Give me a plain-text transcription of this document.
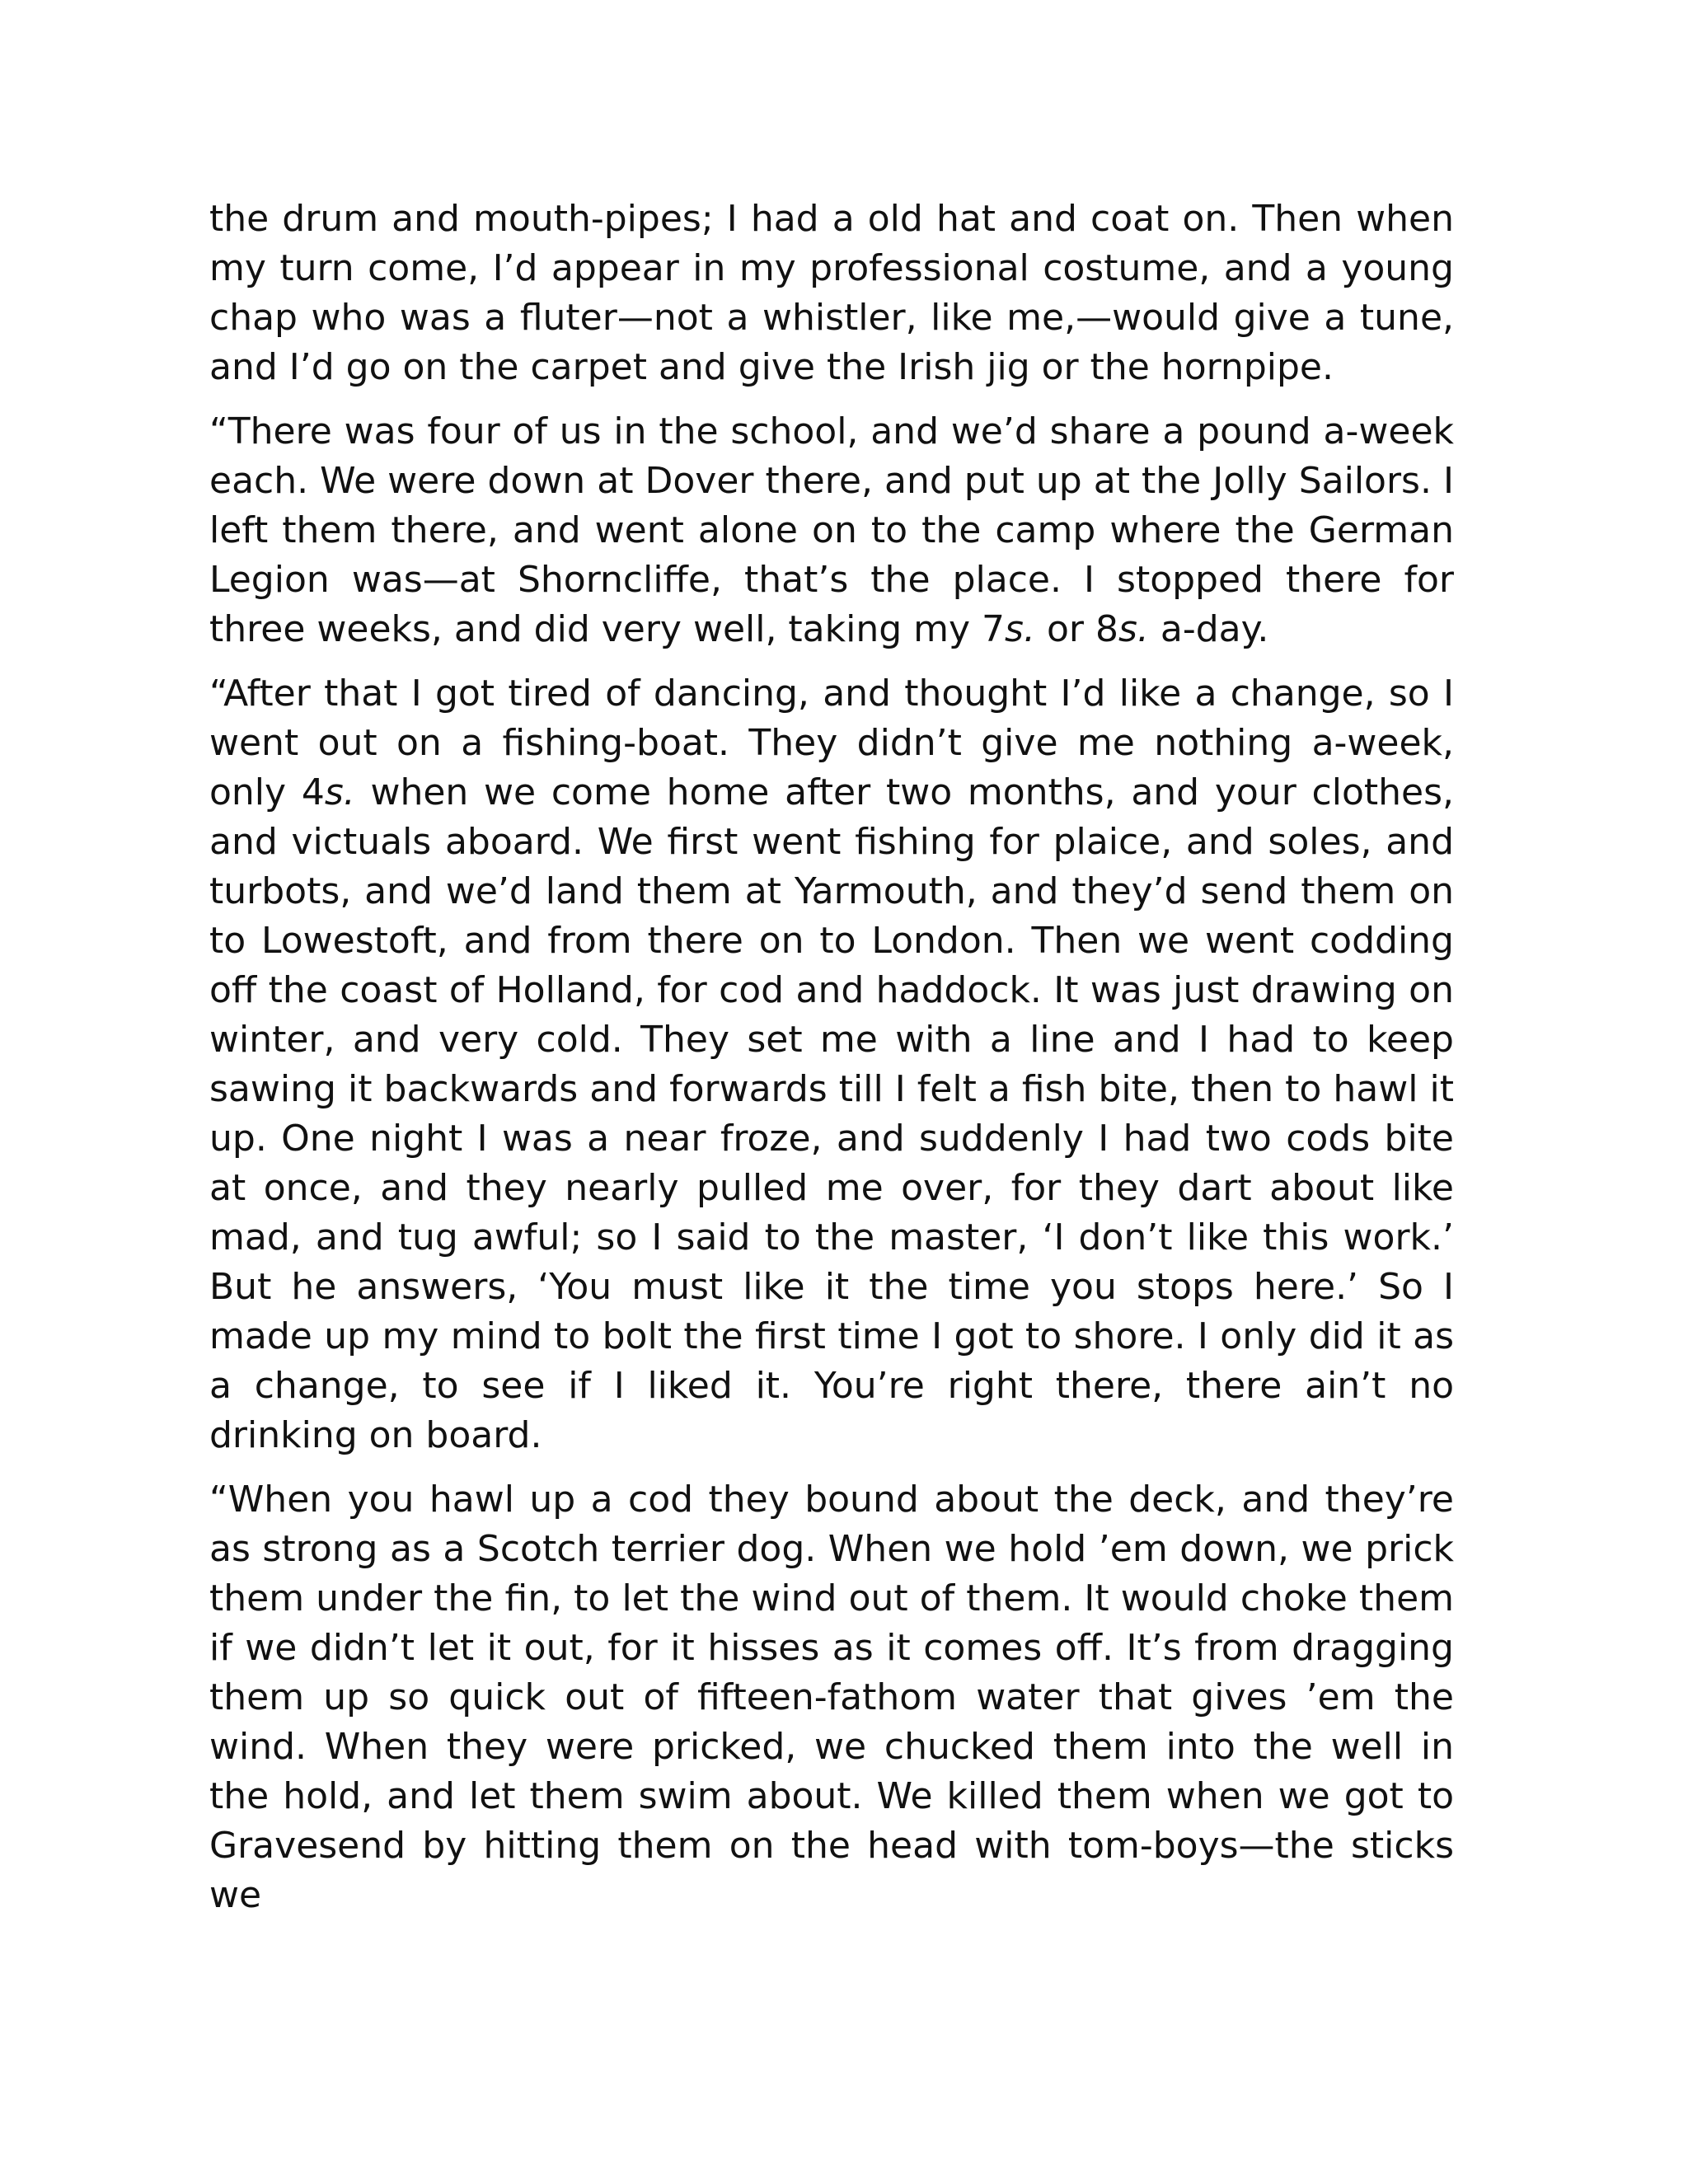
the drum and mouth-pipes; I had a old hat and coat on. Then when my turn come, I’d appear in my professional costume, and a young chap who was a fluter—not a whistler, like me,—would give a tune, and I’d go on the carpet and give the Irish jig or the hornpipe.

“There was four of us in the school, and we’d share a pound a-week each. We were down at Dover there, and put up at the Jolly Sailors. I left them there, and went alone on to the camp where the German Legion was—at Shorncliffe, that’s the place. I stopped there for three weeks, and did very well, taking my 7s. or 8s. a-day.

“After that I got tired of dancing, and thought I’d like a change, so I went out on a fishing-boat. They didn’t give me nothing a-week, only 4s. when we come home after two months, and your clothes, and victuals aboard. We first went fishing for plaice, and soles, and turbots, and we’d land them at Yarmouth, and they’d send them on to Lowestoft, and from there on to London. Then we went codding off the coast of Holland, for cod and haddock. It was just drawing on winter, and very cold. They set me with a line and I had to keep sawing it backwards and forwards till I felt a fish bite, then to hawl it up. One night I was a near froze, and suddenly I had two cods bite at once, and they nearly pulled me over, for they dart about like mad, and tug awful; so I said to the master, ‘I don’t like this work.’ But he answers, ‘You must like it the time you stops here.’ So I made up my mind to bolt the first time I got to shore. I only did it as a change, to see if I liked it. You’re right there, there ain’t no drinking on board.

“When you hawl up a cod they bound about the deck, and they’re as strong as a Scotch terrier dog. When we hold ’em down, we prick them under the fin, to let the wind out of them. It would choke them if we didn’t let it out, for it hisses as it comes off. It’s from dragging them up so quick out of fifteen-fathom water that gives ’em the wind. When they were pricked, we chucked them into the well in the hold, and let them swim about. We killed them when we got to Gravesend by hitting them on the head with tom-boys—the sticks we
